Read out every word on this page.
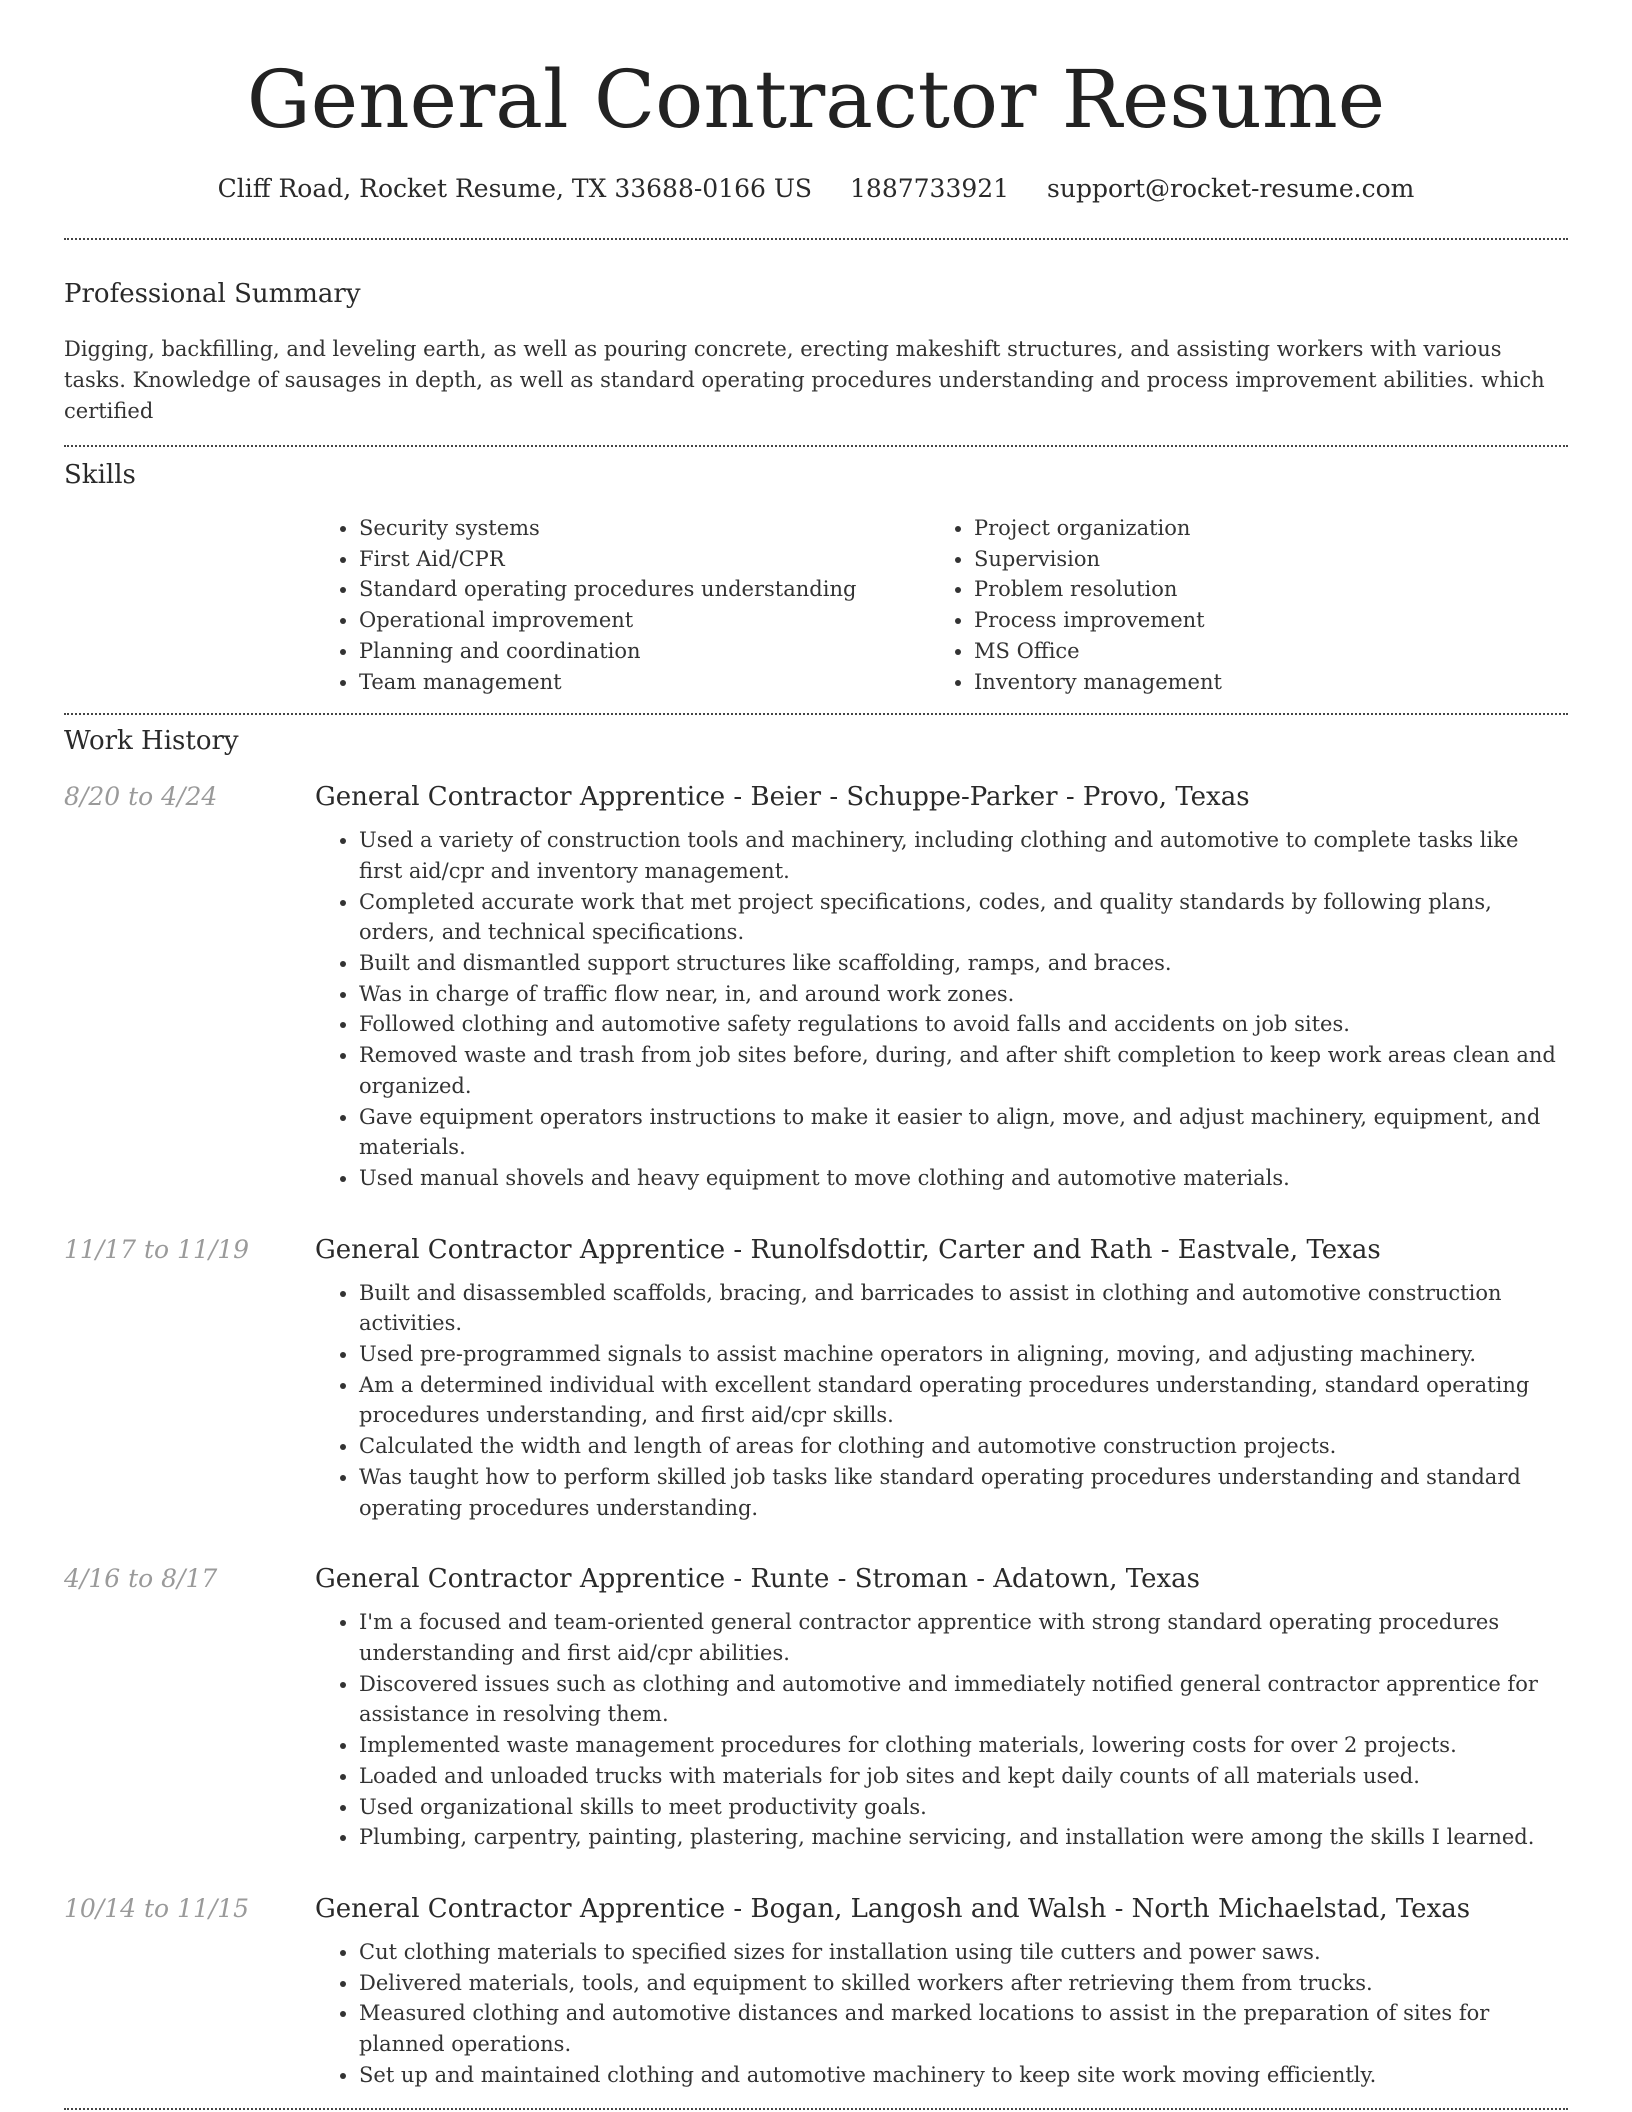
General Contractor Resume
Cliff Road, Rocket Resume, TX 33688-0166 US 1887733921 support@rocket-resume.com
Professional Summary

Digging, backfilling, and leveling earth, as well as pouring concrete, erecting makeshift structures, and assisting workers with various tasks. Knowledge of sausages in depth, as well as standard operating procedures understanding and process improvement abilities. which certified

Skills
• Security systems
• First Aid/CPR
• Standard operating procedures understanding
• Operational improvement
• Planning and coordination
• Team management
• Project organization
• Supervision
• Problem resolution
• Process improvement
• MS Office
• Inventory management
Work History
8/20 to 4/24	General Contractor Apprentice - Beier - Schuppe-Parker - Provo, Texas
• Used a variety of construction tools and machinery, including clothing and automotive to complete tasks like first aid/cpr and inventory management.
• Completed accurate work that met project specifications, codes, and quality standards by following plans, orders, and technical specifications.
• Built and dismantled support structures like scaffolding, ramps, and braces.
• Was in charge of traffic flow near, in, and around work zones.
• Followed clothing and automotive safety regulations to avoid falls and accidents on job sites.
• Removed waste and trash from job sites before, during, and after shift completion to keep work areas clean and organized.
• Gave equipment operators instructions to make it easier to align, move, and adjust machinery, equipment, and materials.
• Used manual shovels and heavy equipment to move clothing and automotive materials.
11/17 to 11/19	General Contractor Apprentice - Runolfsdottir, Carter and Rath - Eastvale, Texas
• Built and disassembled scaffolds, bracing, and barricades to assist in clothing and automotive construction activities.
• Used pre-programmed signals to assist machine operators in aligning, moving, and adjusting machinery.
• Am a determined individual with excellent standard operating procedures understanding, standard operating procedures understanding, and first aid/cpr skills.
• Calculated the width and length of areas for clothing and automotive construction projects.
• Was taught how to perform skilled job tasks like standard operating procedures understanding and standard operating procedures understanding.
4/16 to 8/17	General Contractor Apprentice - Runte - Stroman - Adatown, Texas
• I'm a focused and team-oriented general contractor apprentice with strong standard operating procedures understanding and first aid/cpr abilities.
• Discovered issues such as clothing and automotive and immediately notified general contractor apprentice for assistance in resolving them.
• Implemented waste management procedures for clothing materials, lowering costs for over 2 projects.
• Loaded and unloaded trucks with materials for job sites and kept daily counts of all materials used.
• Used organizational skills to meet productivity goals.
• Plumbing, carpentry, painting, plastering, machine servicing, and installation were among the skills I learned.
10/14 to 11/15	General Contractor Apprentice - Bogan, Langosh and Walsh - North Michaelstad, Texas
• Cut clothing materials to specified sizes for installation using tile cutters and power saws.
• Delivered materials, tools, and equipment to skilled workers after retrieving them from trucks.
• Measured clothing and automotive distances and marked locations to assist in the preparation of sites for planned operations.
• Set up and maintained clothing and automotive machinery to keep site work moving efficiently.
